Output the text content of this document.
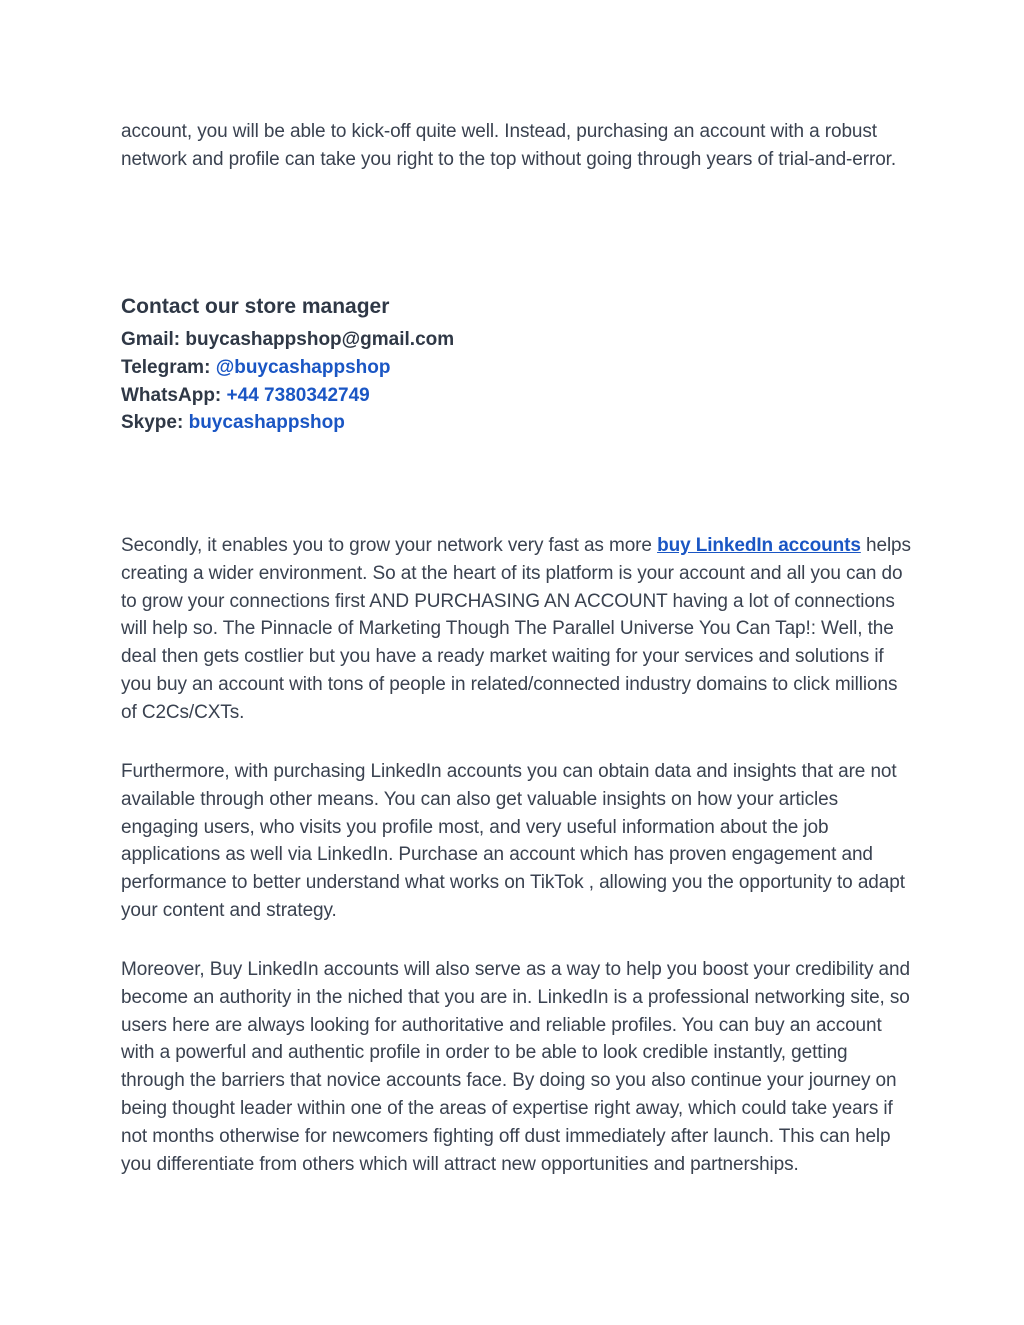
account, you will be able to kick-off quite well. Instead, purchasing an account with a robust network and profile can take you right to the top without going through years of trial-and-error.

Contact our store manager

Gmail: buycashappshop@gmail.com

Telegram: @buycashappshop

WhatsApp: +44 7380342749

Skype: buycashappshop

Secondly, it enables you to grow your network very fast as more buy LinkedIn accounts helps creating a wider environment. So at the heart of its platform is your account and all you can do to grow your connections first AND PURCHASING AN ACCOUNT having a lot of connections will help so. The Pinnacle of Marketing Though The Parallel Universe You Can Tap!: Well, the deal then gets costlier but you have a ready market waiting for your services and solutions if you buy an account with tons of people in related/connected industry domains to click millions of C2Cs/CXTs.

Furthermore, with purchasing LinkedIn accounts you can obtain data and insights that are not available through other means. You can also get valuable insights on how your articles engaging users, who visits you profile most, and very useful information about the job applications as well via LinkedIn. Purchase an account which has proven engagement and performance to better understand what works on TikTok , allowing you the opportunity to adapt your content and strategy.

Moreover, Buy LinkedIn accounts will also serve as a way to help you boost your credibility and become an authority in the niched that you are in. LinkedIn is a professional networking site, so users here are always looking for authoritative and reliable profiles. You can buy an account with a powerful and authentic profile in order to be able to look credible instantly, getting through the barriers that novice accounts face. By doing so you also continue your journey on being thought leader within one of the areas of expertise right away, which could take years if not months otherwise for newcomers fighting off dust immediately after launch. This can help you differentiate from others which will attract new opportunities and partnerships.
